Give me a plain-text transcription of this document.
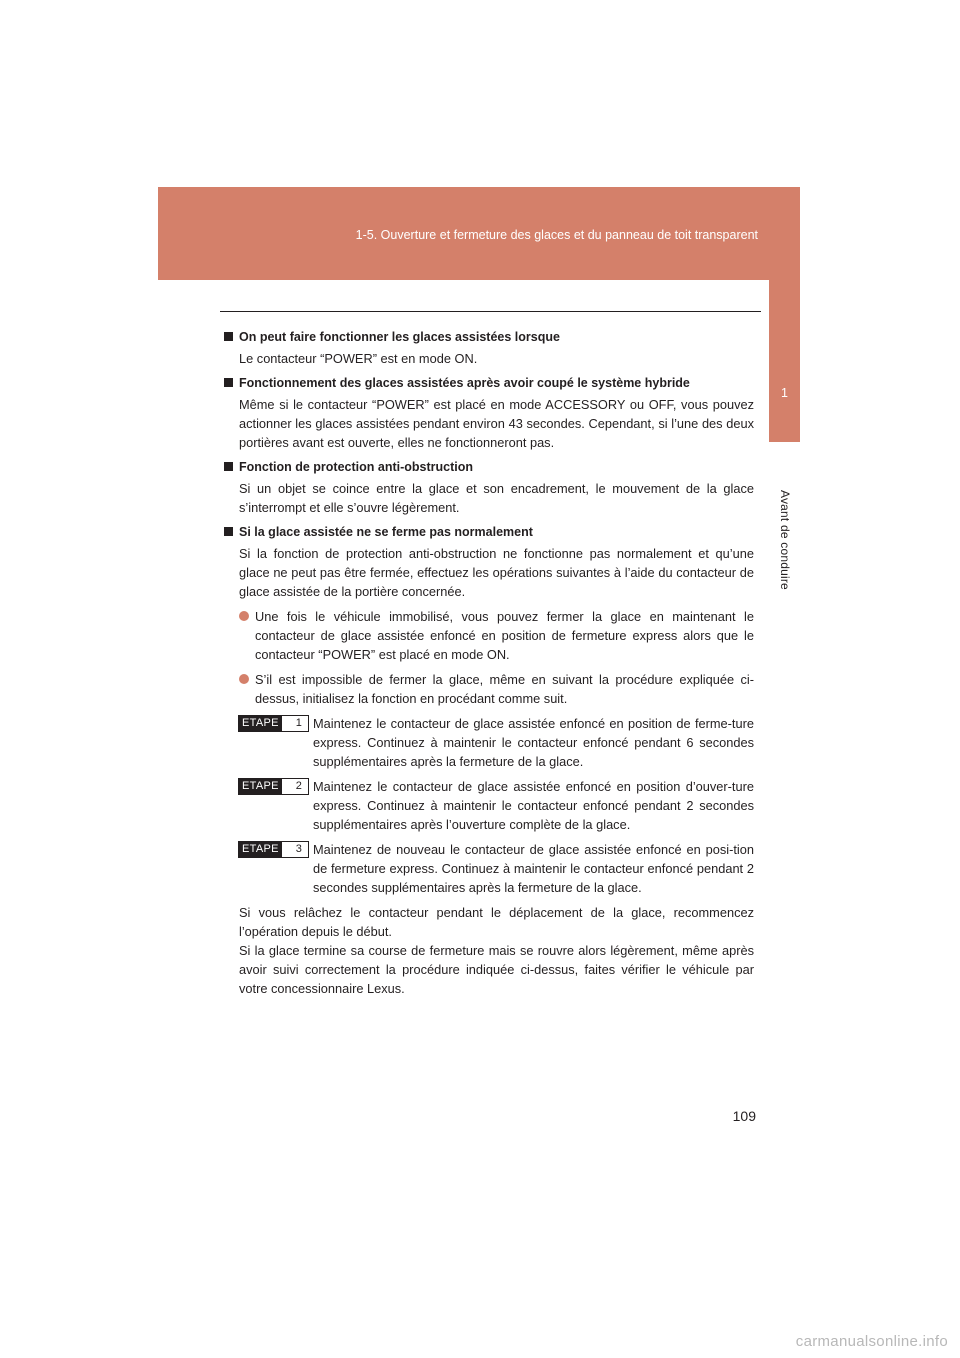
1-5. Ouverture et fermeture des glaces et du panneau de toit transparent
1
Avant de conduire
On peut faire fonctionner les glaces assistées lorsque
Le contacteur “POWER” est en mode ON.
Fonctionnement des glaces assistées après avoir coupé le système hybride
Même si le contacteur “POWER” est placé en mode ACCESSORY ou OFF, vous pouvez actionner les glaces assistées pendant environ 43 secondes. Cependant, si l’une des deux portières avant est ouverte, elles ne fonctionneront pas.
Fonction de protection anti-obstruction
Si un objet se coince entre la glace et son encadrement, le mouvement de la glace s’interrompt et elle s’ouvre légèrement.
Si la glace assistée ne se ferme pas normalement
Si la fonction de protection anti-obstruction ne fonctionne pas normalement et qu’une glace ne peut pas être fermée, effectuez les opérations suivantes à l’aide du contacteur de glace assistée de la portière concernée.
Une fois le véhicule immobilisé, vous pouvez fermer la glace en maintenant le contacteur de glace assistée enfoncé en position de fermeture express alors que le contacteur “POWER” est placé en mode ON.
S’il est impossible de fermer la glace, même en suivant la procédure expliquée ci-dessus, initialisez la fonction en procédant comme suit.
ETAPE	1 Maintenez le contacteur de glace assistée enfoncé en position de ferme-ture express. Continuez à maintenir le contacteur enfoncé pendant 6 secondes supplémentaires après la fermeture de la glace.
ETAPE	2 Maintenez le contacteur de glace assistée enfoncé en position d’ouver-ture express. Continuez à maintenir le contacteur enfoncé pendant 2 secondes supplémentaires après l’ouverture complète de la glace.
ETAPE	3 Maintenez de nouveau le contacteur de glace assistée enfoncé en posi-tion de fermeture express. Continuez à maintenir le contacteur enfoncé pendant 2 secondes supplémentaires après la fermeture de la glace.
Si vous relâchez le contacteur pendant le déplacement de la glace, recommencez l’opération depuis le début.
Si la glace termine sa course de fermeture mais se rouvre alors légèrement, même après avoir suivi correctement la procédure indiquée ci-dessus, faites vérifier le véhicule par votre concessionnaire Lexus.
109
carmanualsonline.info
